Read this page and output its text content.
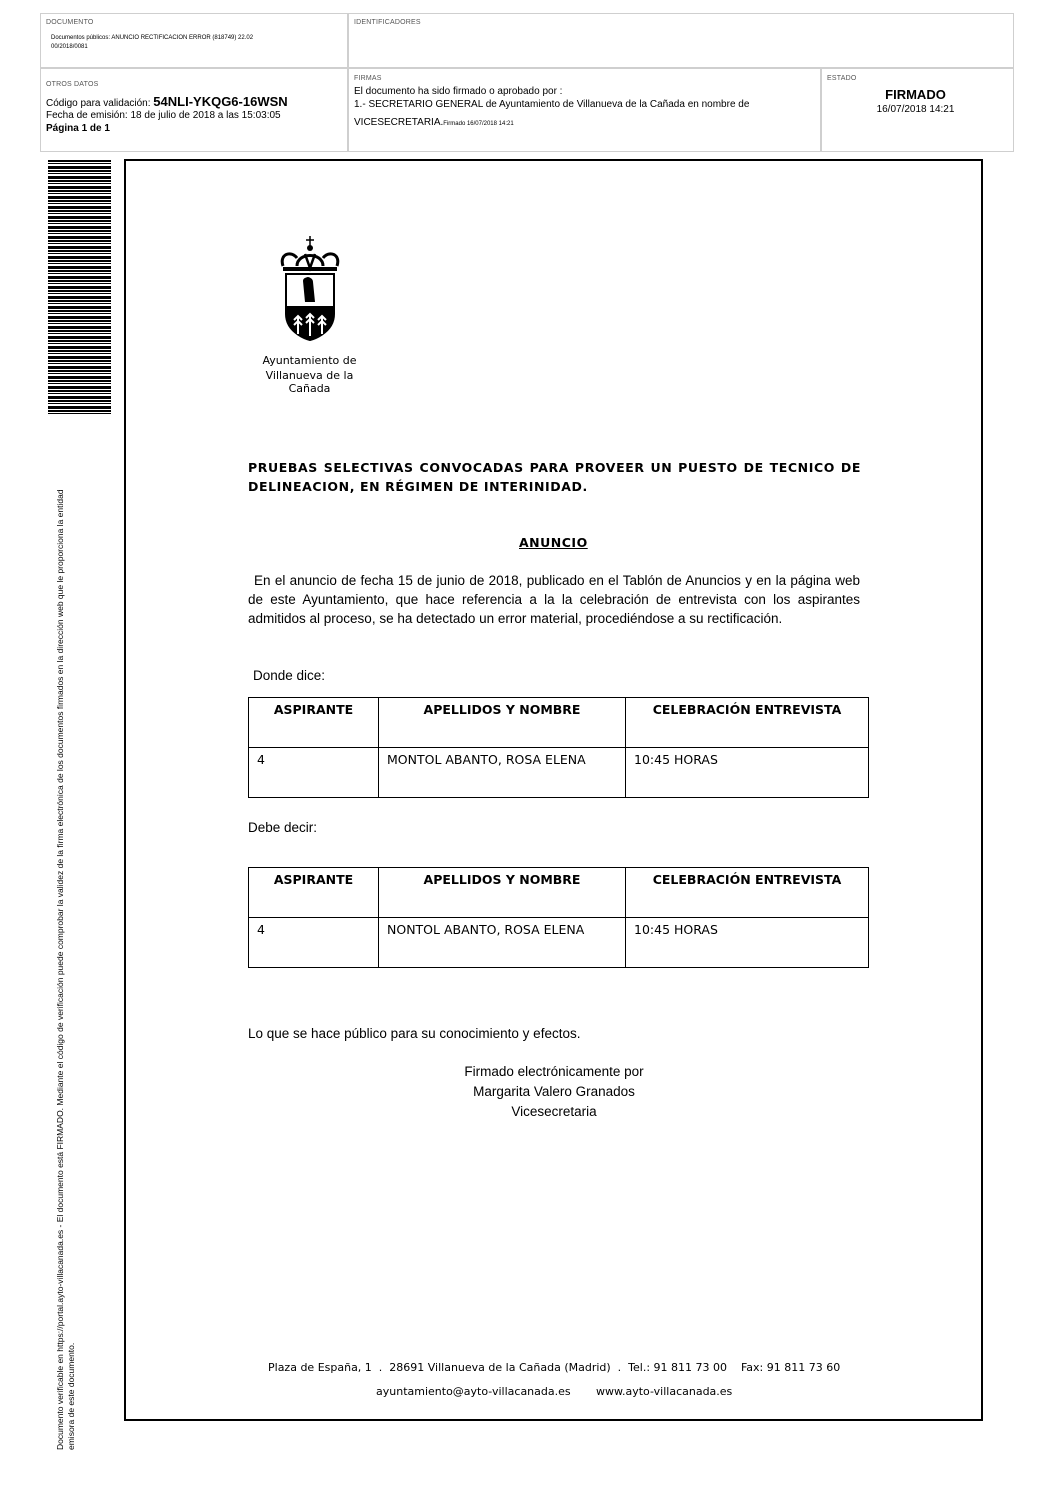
DOCUMENTO
Documentos públicos: ANUNCIO RECTIFICACION ERROR (818749) 22.02
00/2018/0081
IDENTIFICADORES
OTROS DATOS
Código para validación: 54NLI-YKQG6-16WSN
Fecha de emisión: 18 de julio de 2018 a las 15:03:05
Página 1 de 1
FIRMAS
El documento ha sido firmado o aprobado por :
1.- SECRETARIO GENERAL de Ayuntamiento de Villanueva de la Cañada en nombre de
VICESECRETARIA.Firmado 16/07/2018 14:21
ESTADO
FIRMADO
16/07/2018 14:21
Documento verificable en https://portal.ayto-villacanada.es - El documento está FIRMADO. Mediante el código de verificación puede comprobar la validez de la firma electrónica de los documentos firmados en la dirección web que le proporciona la entidad emisora de este documento.
Ayuntamiento de
Villanueva de la Cañada
PRUEBAS SELECTIVAS CONVOCADAS PARA PROVEER UN PUESTO DE TECNICO DE DELINEACION, EN RÉGIMEN DE INTERINIDAD.
ANUNCIO
En el anuncio de fecha 15 de junio de 2018, publicado en el Tablón de Anuncios y en la página web de este Ayuntamiento, que hace referencia a la la celebración de entrevista con los aspirantes admitidos al proceso, se ha detectado un error material, procediéndose a su rectificación.
Donde dice:
ASPIRANTE	APELLIDOS Y NOMBRE	CELEBRACIÓN ENTREVISTA
4	MONTOL ABANTO, ROSA ELENA	10:45 HORAS
Debe decir:
ASPIRANTE	APELLIDOS Y NOMBRE	CELEBRACIÓN ENTREVISTA
4	NONTOL ABANTO, ROSA ELENA	10:45 HORAS
Lo que se hace público para su conocimiento y efectos.
Firmado electrónicamente por
Margarita Valero Granados
Vicesecretaria
Plaza de España, 1  .  28691 Villanueva de la Cañada (Madrid)  .  Tel.: 91 811 73 00    Fax: 91 811 73 60
ayuntamiento@ayto-villacanada.es www.ayto-villacanada.es
